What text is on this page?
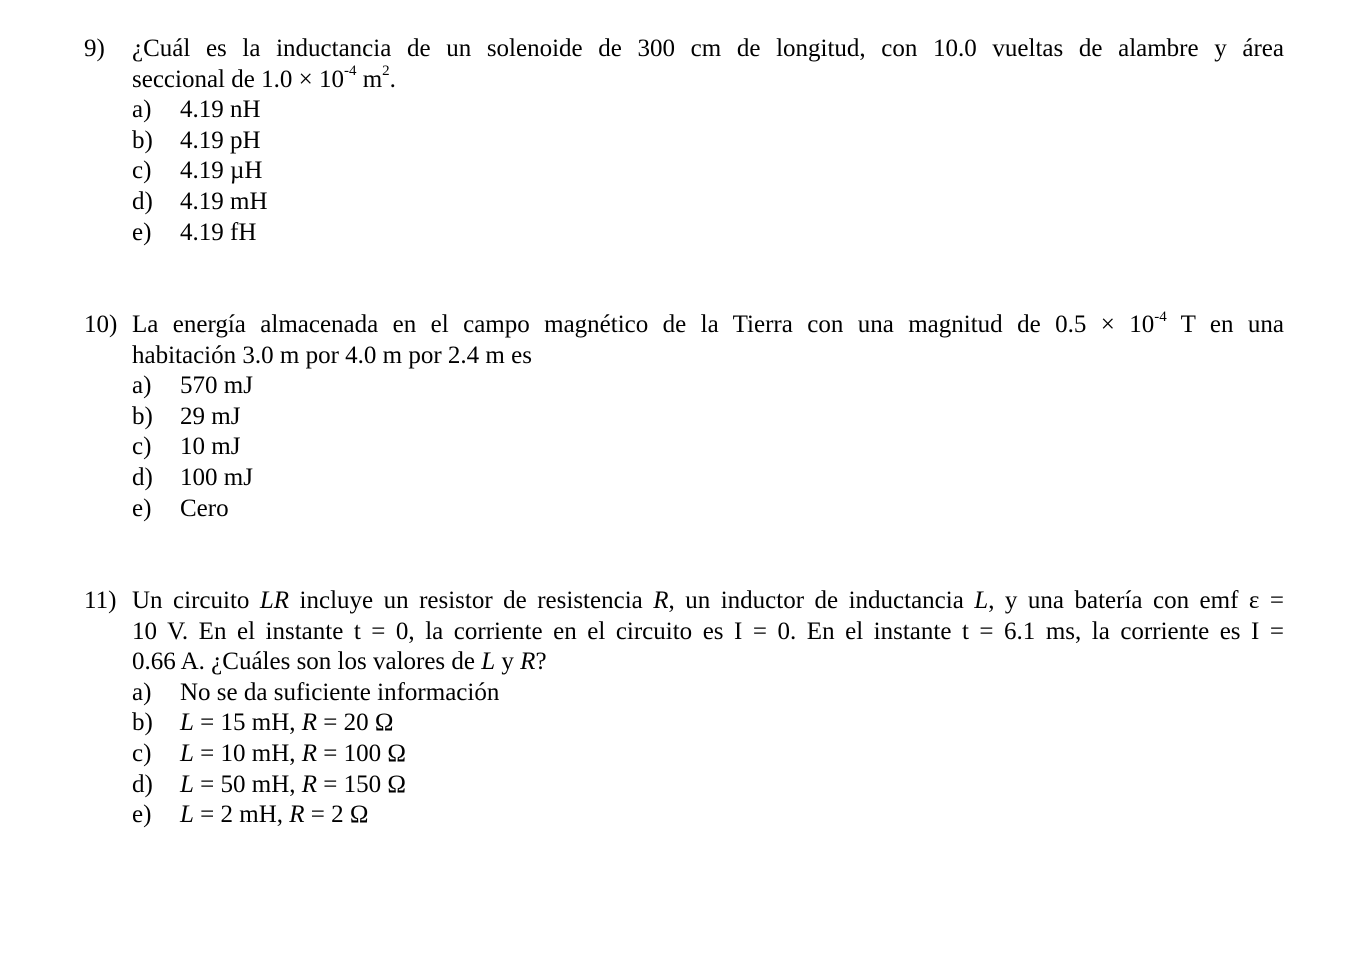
9) ¿Cuál es la inductancia de un solenoide de 300 cm de longitud, con 10.0 vueltas de alambre y área
seccional de $1.0 \times 10^{-4}$ $m^2$.
a) 4.19 nH
b) 4.19 pH
c) 4.19 µH
d) 4.19 mH
e) 4.19 fH
10) La energía almacenada en el campo magnético de la Tierra con una magnitud de $0.5 \times 10^{-4}$ T en una
habitación 3.0 m por 4.0 m por 2.4 m es
a) 570 mJ
b) 29 mJ
c) 10 mJ
d) 100 mJ
e) Cero
11) Un circuito LR incluye un resistor de resistencia R, un inductor de inductancia L, y una batería con emf ε =
10 V. En el instante t = 0, la corriente en el circuito es I = 0. En el instante t = 6.1 ms, la corriente es I =
0.66 A. ¿Cuáles son los valores de L y R?
a) No se da suficiente información
b) L = 15 mH, R = 20 Ω
c) L = 10 mH, R = 100 Ω
d) L = 50 mH, R = 150 Ω
e) L = 2 mH, R = 2 Ω
